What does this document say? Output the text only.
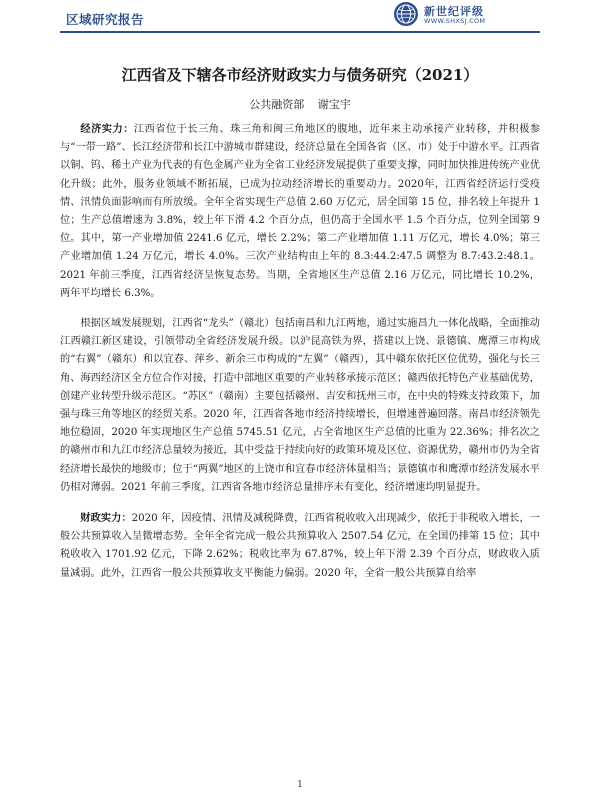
区域研究报告
新世纪评级
WWW.SHXSJ.COM
江西省及下辖各市经济财政实力与债务研究（2021）
公共融资部 谢宝宇

经济实力：江西省位于长三角、珠三角和闽三角地区的腹地，近年来主动承接产业转移，并积极参与“一带一路”、长江经济带和长江中游城市群建设，经济总量在全国各省（区、市）处于中游水平。江西省以铜、钨、稀土产业为代表的有色金属产业为全省工业经济发展提供了重要支撑，同时加快推进传统产业优化升级；此外，服务业领域不断拓展，已成为拉动经济增长的重要动力。2020年，江西省经济运行受疫情、汛情负面影响而有所放缓。全年全省实现生产总值 2.60 万亿元，居全国第 15 位，排名较上年提升 1 位；生产总值增速为 3.8%，较上年下滑 4.2 个百分点，但仍高于全国水平 1.5 个百分点，位列全国第 9 位。其中，第一产业增加值 2241.6 亿元，增长 2.2%；第二产业增加值 1.11 万亿元，增长 4.0%；第三产业增加值 1.24 万亿元，增长 4.0%。三次产业结构由上年的 8.3:44.2:47.5 调整为 8.7:43.2:48.1。2021 年前三季度，江西省经济呈恢复态势。当期，全省地区生产总值 2.16 万亿元，同比增长 10.2%，两年平均增长 6.3%。

根据区域发展规划，江西省“龙头”（赣北）包括南昌和九江两地，通过实施昌九一体化战略，全面推动江西赣江新区建设，引领带动全省经济发展升级。以沪昆高铁为界，搭建以上饶、景德镇、鹰潭三市构成的“右翼”（赣东）和以宜春、萍乡、新余三市构成的“左翼”（赣西），其中赣东依托区位优势，强化与长三角、海西经济区全方位合作对接，打造中部地区重要的产业转移承接示范区；赣西依托特色产业基础优势，创建产业转型升级示范区。“苏区”（赣南）主要包括赣州、吉安和抚州三市，在中央的特殊支持政策下，加强与珠三角等地区的经贸关系。2020 年，江西省各地市经济持续增长，但增速普遍回落。南昌市经济领先地位稳固，2020 年实现地区生产总值 5745.51 亿元，占全省地区生产总值的比重为 22.36%；排名次之的赣州市和九江市经济总量较为接近，其中受益于持续向好的政策环境及区位、资源优势，赣州市仍为全省经济增长最快的地级市；位于“两翼”地区的上饶市和宜春市经济体量相当；景德镇市和鹰潭市经济发展水平仍相对薄弱。2021 年前三季度，江西省各地市经济总量排序未有变化，经济增速均明显提升。

财政实力：2020 年，因疫情、汛情及减税降费，江西省税收收入出现减少，依托于非税收入增长，一般公共预算收入呈微增态势。全年全省完成一般公共预算收入 2507.54 亿元，在全国仍排第 15 位；其中税收收入 1701.92 亿元，下降 2.62%；税收比率为 67.87%，较上年下滑 2.39 个百分点，财政收入质量减弱。此外，江西省一般公共预算收支平衡能力偏弱。2020 年，全省一般公共预算自给率

1
